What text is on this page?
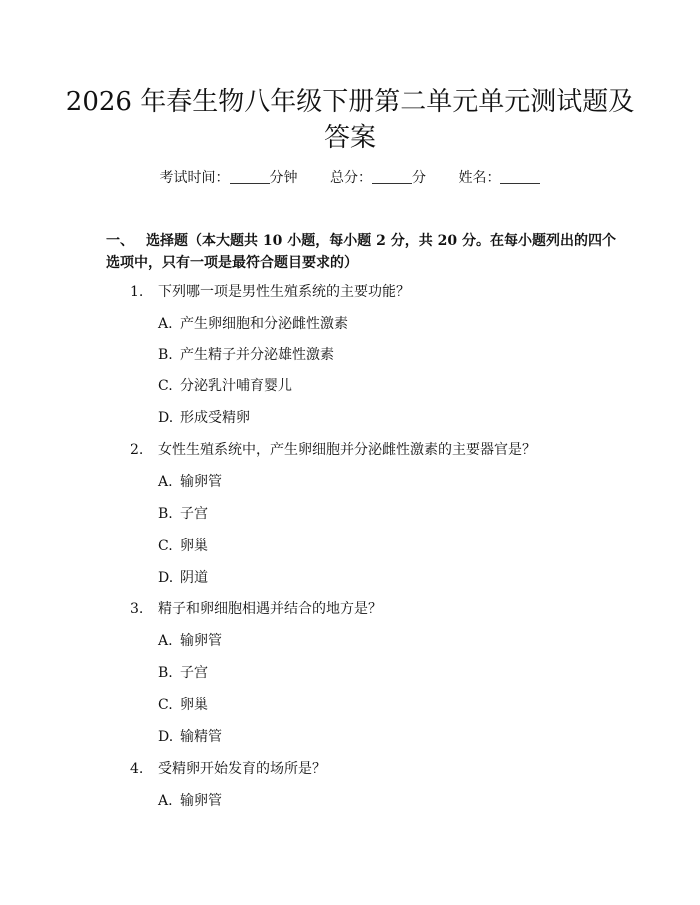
2026 年春生物八年级下册第二单元单元测试题及答案
考试时间：	分钟 总分：	分 姓名：
一、 选择题（本大题共 10 小题，每小题 2 分，共 20 分。在每小题列出的四个选项中，只有一项是最符合题目要求的）
1. 下列哪一项是男性生殖系统的主要功能？
A. 产生卵细胞和分泌雌性激素
B. 产生精子并分泌雄性激素
C. 分泌乳汁哺育婴儿
D. 形成受精卵
2. 女性生殖系统中，产生卵细胞并分泌雌性激素的主要器官是？
A. 输卵管
B. 子宫
C. 卵巢
D. 阴道
3. 精子和卵细胞相遇并结合的地方是？
A. 输卵管
B. 子宫
C. 卵巢
D. 输精管
4. 受精卵开始发育的场所是？
A. 输卵管
